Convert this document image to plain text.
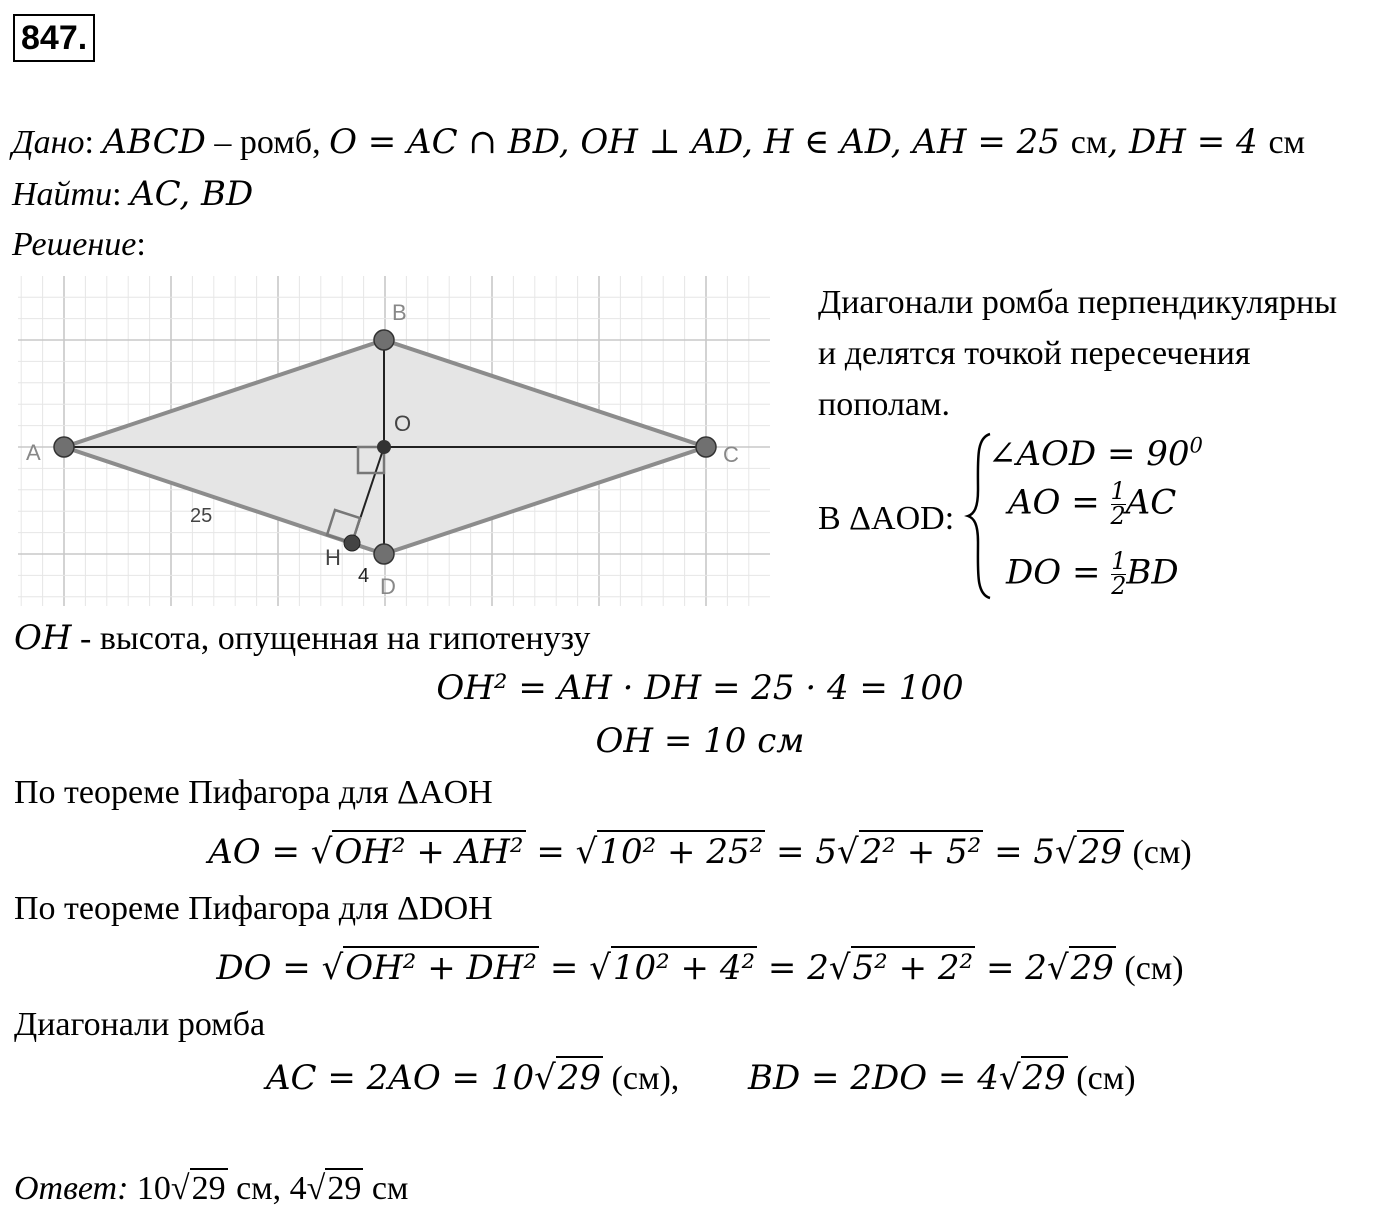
847.
Дано: ABCD – ромб, O = AC ∩ BD, OH ⊥ AD, H ∈ AD, AH = 25 см, DH = 4 см
Найти: AC, BD
Решение:
A
B
C
D
O
H
25
4
Диагонали ромба перпендикулярны
и делятся точкой пересечения
пополам.
В ΔAOD:
∠AOD = $90^0$
AO = $\frac{1}{2}$ AC
DO = $\frac{1}{2}$ BD
OH - высота, опущенная на гипотенузу
OH² = AH · DH = 25 · 4 = 100
OH = 10 см
По теореме Пифагора для ΔAOH
AO = √OH² + AH² = √10² + 25² = 5√2² + 5² = 5√29 (см)
По теореме Пифагора для ΔDOH
DO = √OH² + DH² = √10² + 4² = 2√5² + 2² = 2√29 (см)
Диагонали ромба
AC = 2AO = 10√29 (см), BD = 2DO = 4√29 (см)
Ответ: 10√29 см, 4√29 см
